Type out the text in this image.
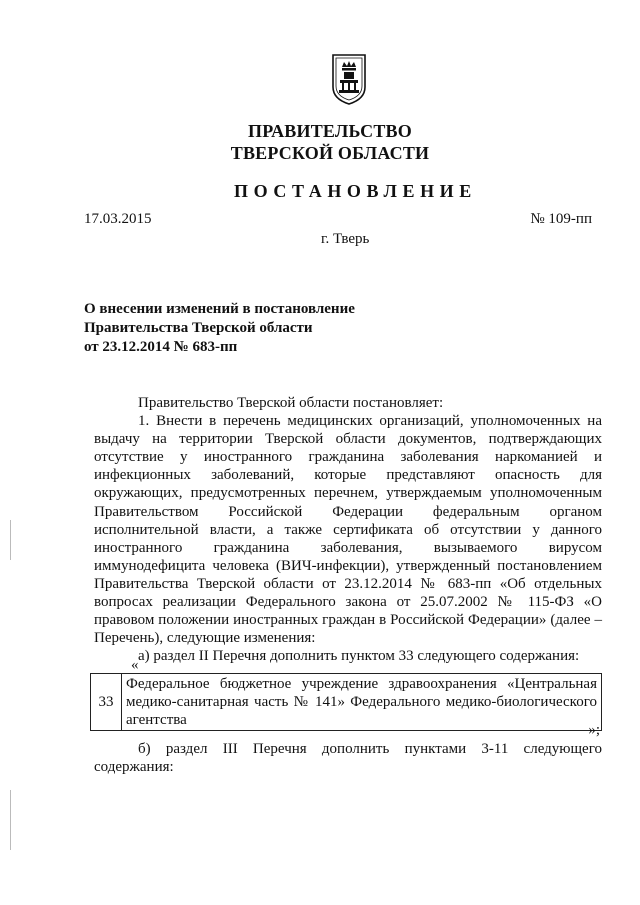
ПРАВИТЕЛЬСТВО
ТВЕРСКОЙ ОБЛАСТИ
ПОСТАНОВЛЕНИЕ
17.03.2015	№ 109-пп
г. Тверь
О внесении изменений в постановление
Правительства Тверской области
от 23.12.2014 № 683-пп

Правительство Тверской области постановляет:

1. Внести в перечень медицинских организаций, уполномоченных на выдачу на территории Тверской области документов, подтверждающих отсутствие у иностранного гражданина заболевания наркоманией и инфекционных заболеваний, которые представляют опасность для окружающих, предусмотренных перечнем, утверждаемым уполномоченным Правительством Российской Федерации федеральным органом исполнительной власти, а также сертификата об отсутствии у данного иностранного гражданина заболевания, вызываемого вирусом иммунодефицита человека (ВИЧ-инфекции), утвержденный постановлением Правительства Тверской области от 23.12.2014 № 683-пп «Об отдельных вопросах реализации Федерального закона от 25.07.2002 № 115-ФЗ «О правовом положении иностранных граждан в Российской Федерации» (далее – Перечень), следующие изменения:

а) раздел II Перечня дополнить пунктом 33 следующего содержания:

«
33	Федеральное бюджетное учреждение здравоохранения «Центральная медико-санитарная часть № 141» Федерального медико-биологического агентства
»;

б) раздел III Перечня дополнить пунктами 3-11 следующего содержания:
